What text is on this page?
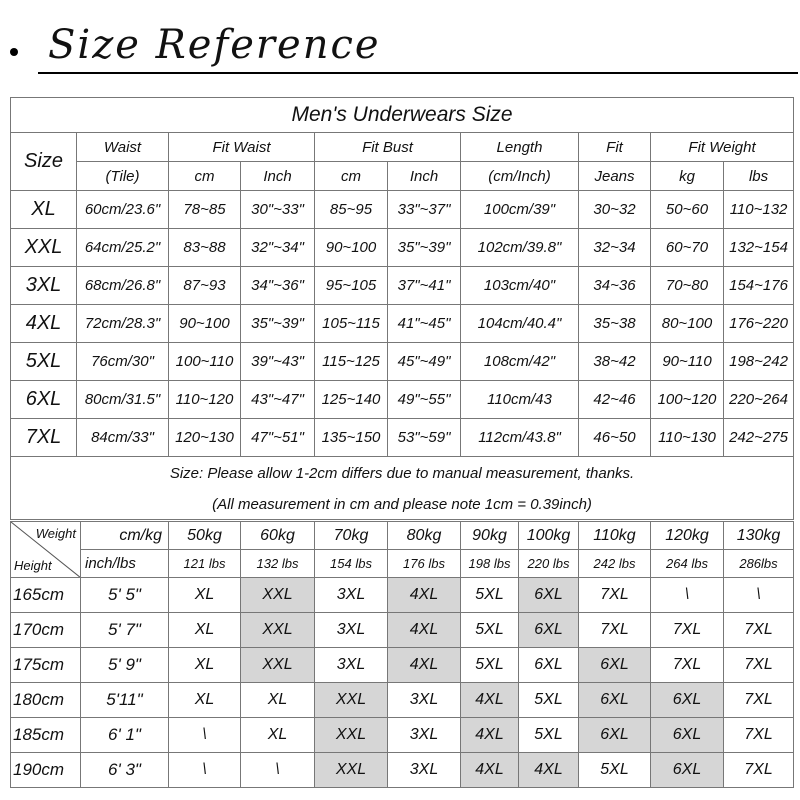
Size Reference
Men's Underwears Size									
Size	Waist	Fit Waist		Fit Bust		Length	Fit	Fit Weight	
	(Tile)	cm	Inch	cm	Inch	(cm/Inch)	Jeans	kg	lbs
XL	60cm/23.6"	78~85	30"~33"	85~95	33"~37"	100cm/39"	30~32	50~60	110~132
XXL	64cm/25.2"	83~88	32"~34"	90~100	35"~39"	102cm/39.8"	32~34	60~70	132~154
3XL	68cm/26.8"	87~93	34"~36"	95~105	37"~41"	103cm/40"	34~36	70~80	154~176
4XL	72cm/28.3"	90~100	35"~39"	105~115	41"~45"	104cm/40.4"	35~38	80~100	176~220
5XL	76cm/30"	100~110	39"~43"	115~125	45"~49"	108cm/42"	38~42	90~110	198~242
6XL	80cm/31.5"	110~120	43"~47"	125~140	49"~55"	110cm/43	42~46	100~120	220~264
7XL	84cm/33"	120~130	47"~51"	135~150	53"~59"	112cm/43.8"	46~50	110~130	242~275
Size: Please allow 1-2cm differs due to manual measurement, thanks.									
(All measurement in cm and please note 1cm = 0.39inch)									
Weight
Height	cm/kg	50kg	60kg	70kg	80kg	90kg	100kg	110kg	120kg	130kg
	inch/lbs	121 lbs	132 lbs	154 lbs	176 lbs	198 lbs	220 lbs	242 lbs	264 lbs	286lbs
165cm	5' 5"	XL	XXL	3XL	4XL	5XL	6XL	7XL	\	\
170cm	5' 7"	XL	XXL	3XL	4XL	5XL	6XL	7XL	7XL	7XL
175cm	5' 9"	XL	XXL	3XL	4XL	5XL	6XL	6XL	7XL	7XL
180cm	5'11"	XL	XL	XXL	3XL	4XL	5XL	6XL	6XL	7XL
185cm	6' 1"	\	XL	XXL	3XL	4XL	5XL	6XL	6XL	7XL
190cm	6' 3"	\	\	XXL	3XL	4XL	4XL	5XL	6XL	7XL
